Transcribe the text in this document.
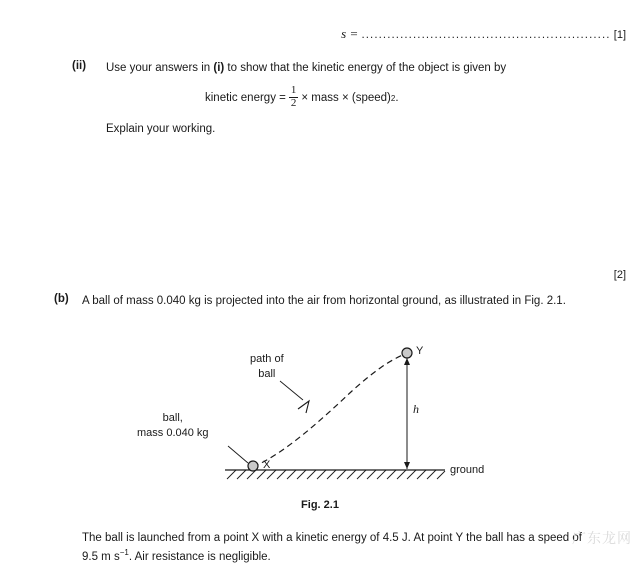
s = .......................................................... [1]
(ii) Use your answers in (i) to show that the kinetic energy of the object is given by
kinetic energy = $\frac{1}{2}$ × mass × (speed) 2 .
Explain your working.
[2]
(b) A ball of mass 0.040 kg is projected into the air from horizontal ground, as illustrated in Fig. 2.1.
path of
ball
ball,
mass 0.040 kg
X
Y
h
ground
Fig. 2.1
The ball is launched from a point X with a kinetic energy of 4.5 J. At point Y the ball has a speed of 9.5 m $s^{-1}$. Air resistance is negligible.
广东龙网
